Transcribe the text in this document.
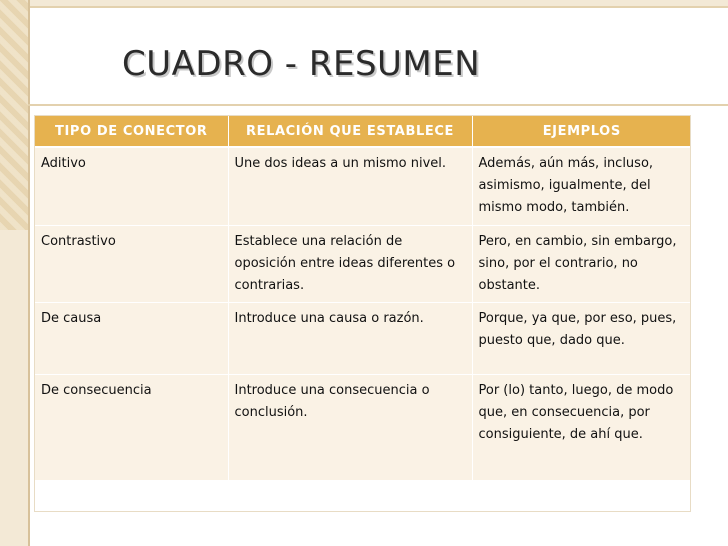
CUADRO - RESUMEN
TIPO DE CONECTOR	RELACIÓN QUE ESTABLECE	EJEMPLOS
Aditivo	Une dos ideas a un mismo nivel.	Además, aún más, incluso, asimismo, igualmente, del mismo modo, también.
Contrastivo	Establece una relación de oposición entre ideas diferentes o contrarias.	Pero, en cambio, sin embargo, sino, por el contrario, no obstante.
De causa	Introduce una causa o razón.	Porque, ya que, por eso, pues, puesto que, dado que.
De consecuencia	Introduce una consecuencia o conclusión.	Por (lo) tanto, luego, de modo que, en consecuencia, por consiguiente, de ahí que.
